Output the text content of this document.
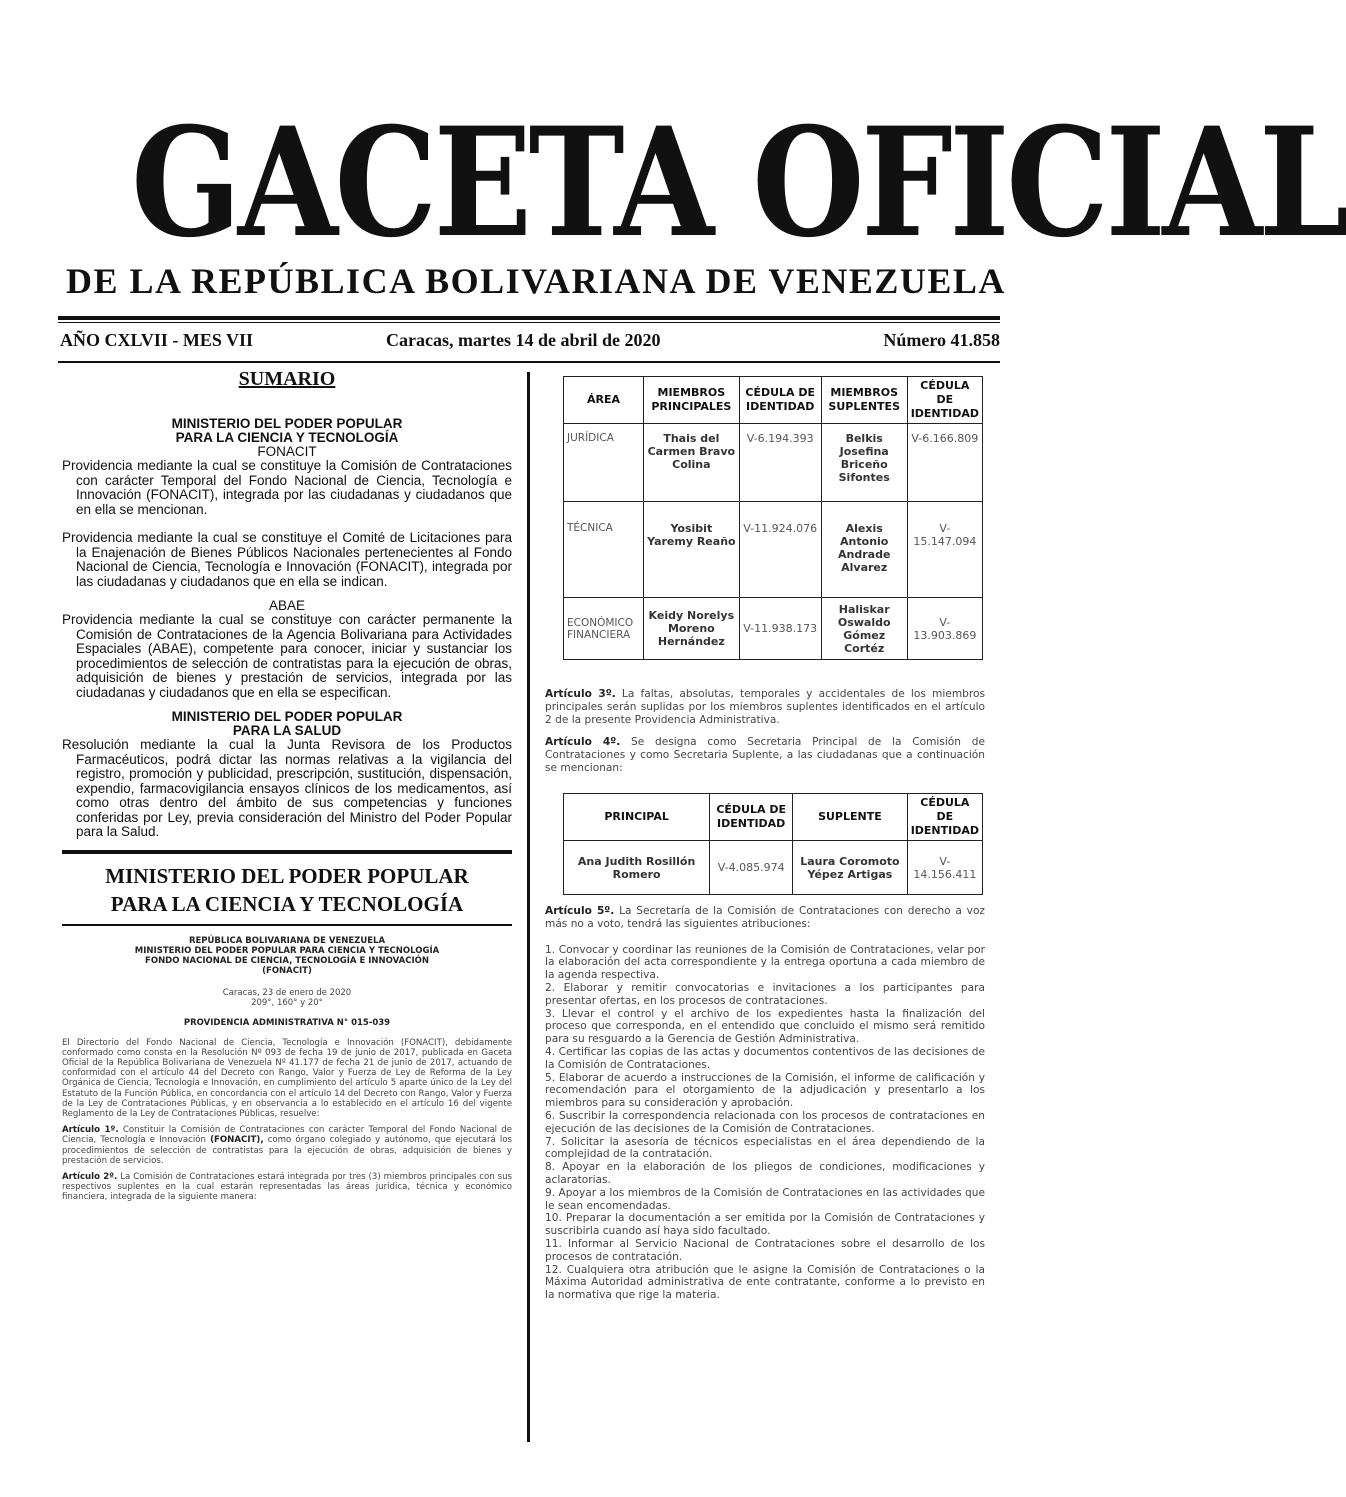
GACETA OFICIAL
DE LA REPÚBLICA BOLIVARIANA DE VENEZUELA
AÑO CXLVII - MES VII	Caracas, martes 14 de abril de 2020	Número 41.858
SUMARIO
MINISTERIO DEL PODER POPULAR
PARA LA CIENCIA Y TECNOLOGÍA
FONACIT

Providencia mediante la cual se constituye la Comisión de Contrataciones con carácter Temporal del Fondo Nacional de Ciencia, Tecnología e Innovación (FONACIT), integrada por las ciudadanas y ciudadanos que en ella se mencionan.

Providencia mediante la cual se constituye el Comité de Licitaciones para la Enajenación de Bienes Públicos Nacionales pertenecientes al Fondo Nacional de Ciencia, Tecnología e Innovación (FONACIT), integrada por las ciudadanas y ciudadanos que en ella se indican.

ABAE

Providencia mediante la cual se constituye con carácter permanente la Comisión de Contrataciones de la Agencia Bolivariana para Actividades Espaciales (ABAE), competente para conocer, iniciar y sustanciar los procedimientos de selección de contratistas para la ejecución de obras, adquisición de bienes y prestación de servicios, integrada por las ciudadanas y ciudadanos que en ella se especifican.

MINISTERIO DEL PODER POPULAR
PARA LA SALUD

Resolución mediante la cual la Junta Revisora de los Productos Farmacéuticos, podrá dictar las normas relativas a la vigilancia del registro, promoción y publicidad, prescripción, sustitución, dispensación, expendio, farmacovigilancia ensayos clínicos de los medicamentos, así como otras dentro del ámbito de sus competencias y funciones conferidas por Ley, previa consideración del Ministro del Poder Popular para la Salud.

MINISTERIO DEL PODER POPULAR
PARA LA CIENCIA Y TECNOLOGÍA
REPÚBLICA BOLIVARIANA DE VENEZUELA
MINISTERIO DEL PODER POPULAR PARA CIENCIA Y TECNOLOGÍA
FONDO NACIONAL DE CIENCIA, TECNOLOGÍA E INNOVACIÓN
(FONACIT)
Caracas, 23 de enero de 2020
209°, 160° y 20°
PROVIDENCIA ADMINISTRATIVA N° 015-039

El Directorio del Fondo Nacional de Ciencia, Tecnología e Innovación (FONACIT), debidamente conformado como consta en la Resolución Nº 093 de fecha 19 de junio de 2017, publicada en Gaceta Oficial de la República Bolivariana de Venezuela Nº 41.177 de fecha 21 de junio de 2017, actuando de conformidad con el artículo 44 del Decreto con Rango, Valor y Fuerza de Ley de Reforma de la Ley Orgánica de Ciencia, Tecnología e Innovación, en cumplimiento del artículo 5 aparte único de la Ley del Estatuto de la Función Pública, en concordancia con el artículo 14 del Decreto con Rango, Valor y Fuerza de la Ley de Contrataciones Públicas, y en observancia a lo establecido en el artículo 16 del vigente Reglamento de la Ley de Contrataciones Públicas, resuelve:

Artículo 1º. Constituir la Comisión de Contrataciones con carácter Temporal del Fondo Nacional de Ciencia, Tecnología e Innovación (FONACIT), como órgano colegiado y autónomo, que ejecutará los procedimientos de selección de contratistas para la ejecución de obras, adquisición de bienes y prestación de servicios.

Artículo 2º. La Comisión de Contrataciones estará integrada por tres (3) miembros principales con sus respectivos suplentes en la cual estarán representadas las áreas jurídica, técnica y económico financiera, integrada de la siguiente manera:

ÁREA	MIEMBROS PRINCIPALES	CÉDULA DE IDENTIDAD	MIEMBROS SUPLENTES	CÉDULA DE IDENTIDAD
JURÍDICA	Thais del Carmen Bravo Colina	V-6.194.393	Belkis Josefina Briceño Sifontes	V-6.166.809
TÉCNICA	Yosibit Yaremy Reaño	V-11.924.076	Alexis Antonio Andrade Alvarez	V-15.147.094
ECONÓMICO FINANCIERA	Keidy Norelys Moreno Hernández	V-11.938.173	Haliskar Oswaldo Gómez Cortéz	V-13.903.869

Artículo 3º. La faltas, absolutas, temporales y accidentales de los miembros principales serán suplidas por los miembros suplentes identificados en el artículo 2 de la presente Providencia Administrativa.

Artículo 4º. Se designa como Secretaria Principal de la Comisión de Contrataciones y como Secretaria Suplente, a las ciudadanas que a continuación se mencionan:

PRINCIPAL	CÉDULA DE IDENTIDAD	SUPLENTE	CÉDULA DE IDENTIDAD
Ana Judith Rosillón Romero	V-4.085.974	Laura Coromoto Yépez Artigas	V-14.156.411

Artículo 5º. La Secretaría de la Comisión de Contrataciones con derecho a voz más no a voto, tendrá las siguientes atribuciones:

1. Convocar y coordinar las reuniones de la Comisión de Contrataciones, velar por la elaboración del acta correspondiente y la entrega oportuna a cada miembro de la agenda respectiva.

2. Elaborar y remitir convocatorias e invitaciones a los participantes para presentar ofertas, en los procesos de contrataciones.

3. Llevar el control y el archivo de los expedientes hasta la finalización del proceso que corresponda, en el entendido que concluido el mismo será remitido para su resguardo a la Gerencia de Gestión Administrativa.

4. Certificar las copias de las actas y documentos contentivos de las decisiones de la Comisión de Contrataciones.

5. Elaborar de acuerdo a instrucciones de la Comisión, el informe de calificación y recomendación para el otorgamiento de la adjudicación y presentarlo a los miembros para su consideración y aprobación.

6. Suscribir la correspondencia relacionada con los procesos de contrataciones en ejecución de las decisiones de la Comisión de Contrataciones.

7. Solicitar la asesoría de técnicos especialistas en el área dependiendo de la complejidad de la contratación.

8. Apoyar en la elaboración de los pliegos de condiciones, modificaciones y aclaratorias.

9. Apoyar a los miembros de la Comisión de Contrataciones en las actividades que le sean encomendadas.

10. Preparar la documentación a ser emitida por la Comisión de Contrataciones y suscribirla cuando así haya sido facultado.

11. Informar al Servicio Nacional de Contrataciones sobre el desarrollo de los procesos de contratación.

12. Cualquiera otra atribución que le asigne la Comisión de Contrataciones o la Máxima Autoridad administrativa de ente contratante, conforme a lo previsto en la normativa que rige la materia.
